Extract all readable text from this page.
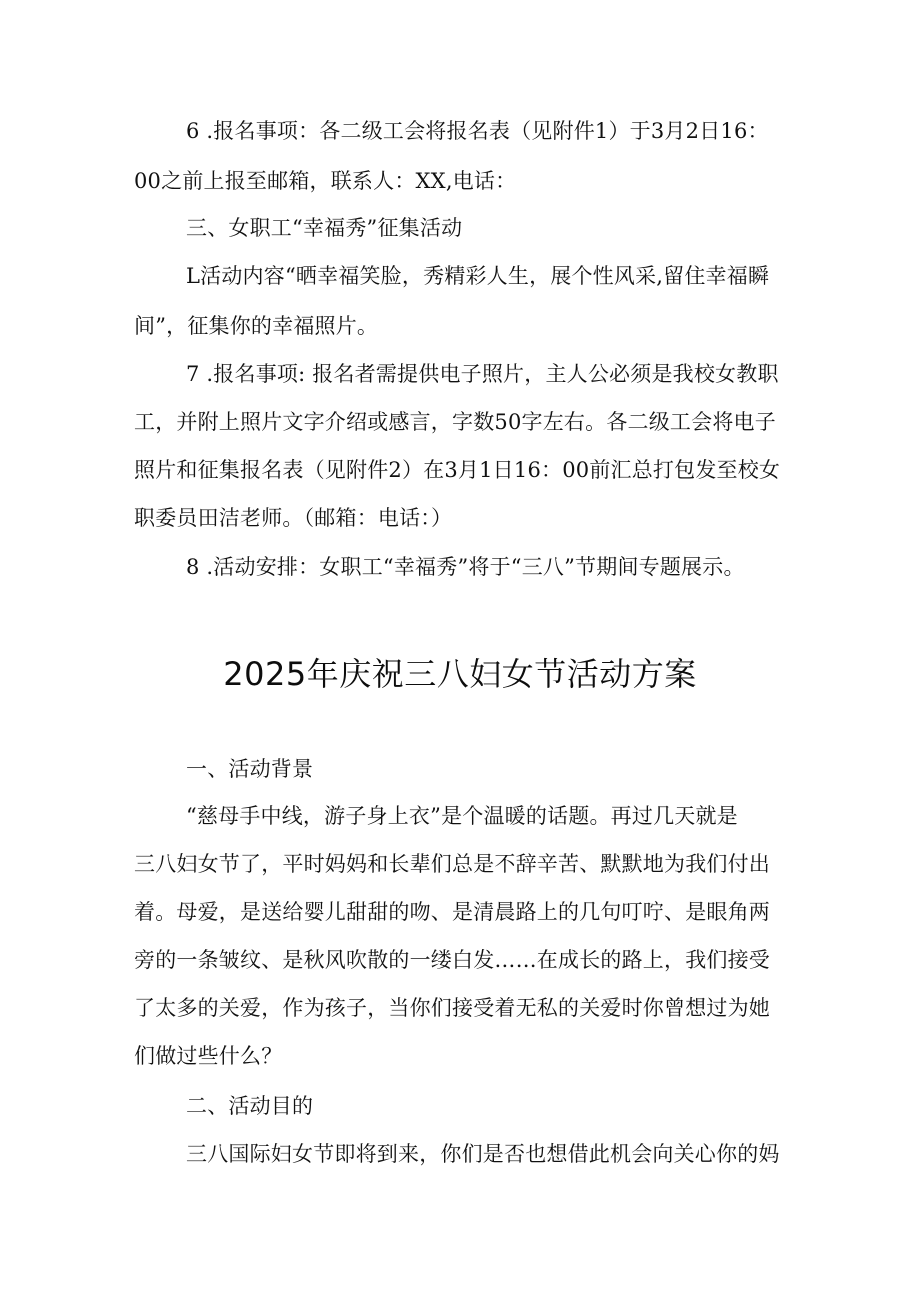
6 .报名事项：各二级工会将报名表（见附件1）于3月2日16：
00之前上报至邮箱，联系人：XX,电话：
三、女职工“幸福秀”征集活动
L活动内容“晒幸福笑脸，秀精彩人生，展个性风采,留住幸福瞬
间”，征集你的幸福照片。
7 .报名事项: 报名者需提供电子照片，主人公必须是我校女教职
工，并附上照片文字介绍或感言，字数50字左右。各二级工会将电子
照片和征集报名表（见附件2）在3月1日16：00前汇总打包发至校女
职委员田洁老师。（邮箱：电话：）
8 .活动安排：女职工“幸福秀”将于“三八”节期间专题展示。
2025年庆祝三八妇女节活动方案
一、活动背景
“慈母手中线，游子身上衣”是个温暖的话题。再过几天就是
三八妇女节了，平时妈妈和长辈们总是不辞辛苦、默默地为我们付出
着。母爱，是送给婴儿甜甜的吻、是清晨路上的几句叮咛、是眼角两
旁的一条皱纹、是秋风吹散的一缕白发……在成长的路上，我们接受
了太多的关爱，作为孩子，当你们接受着无私的关爱时你曾想过为她
们做过些什么？
二、活动目的
三八国际妇女节即将到来，你们是否也想借此机会向关心你的妈
